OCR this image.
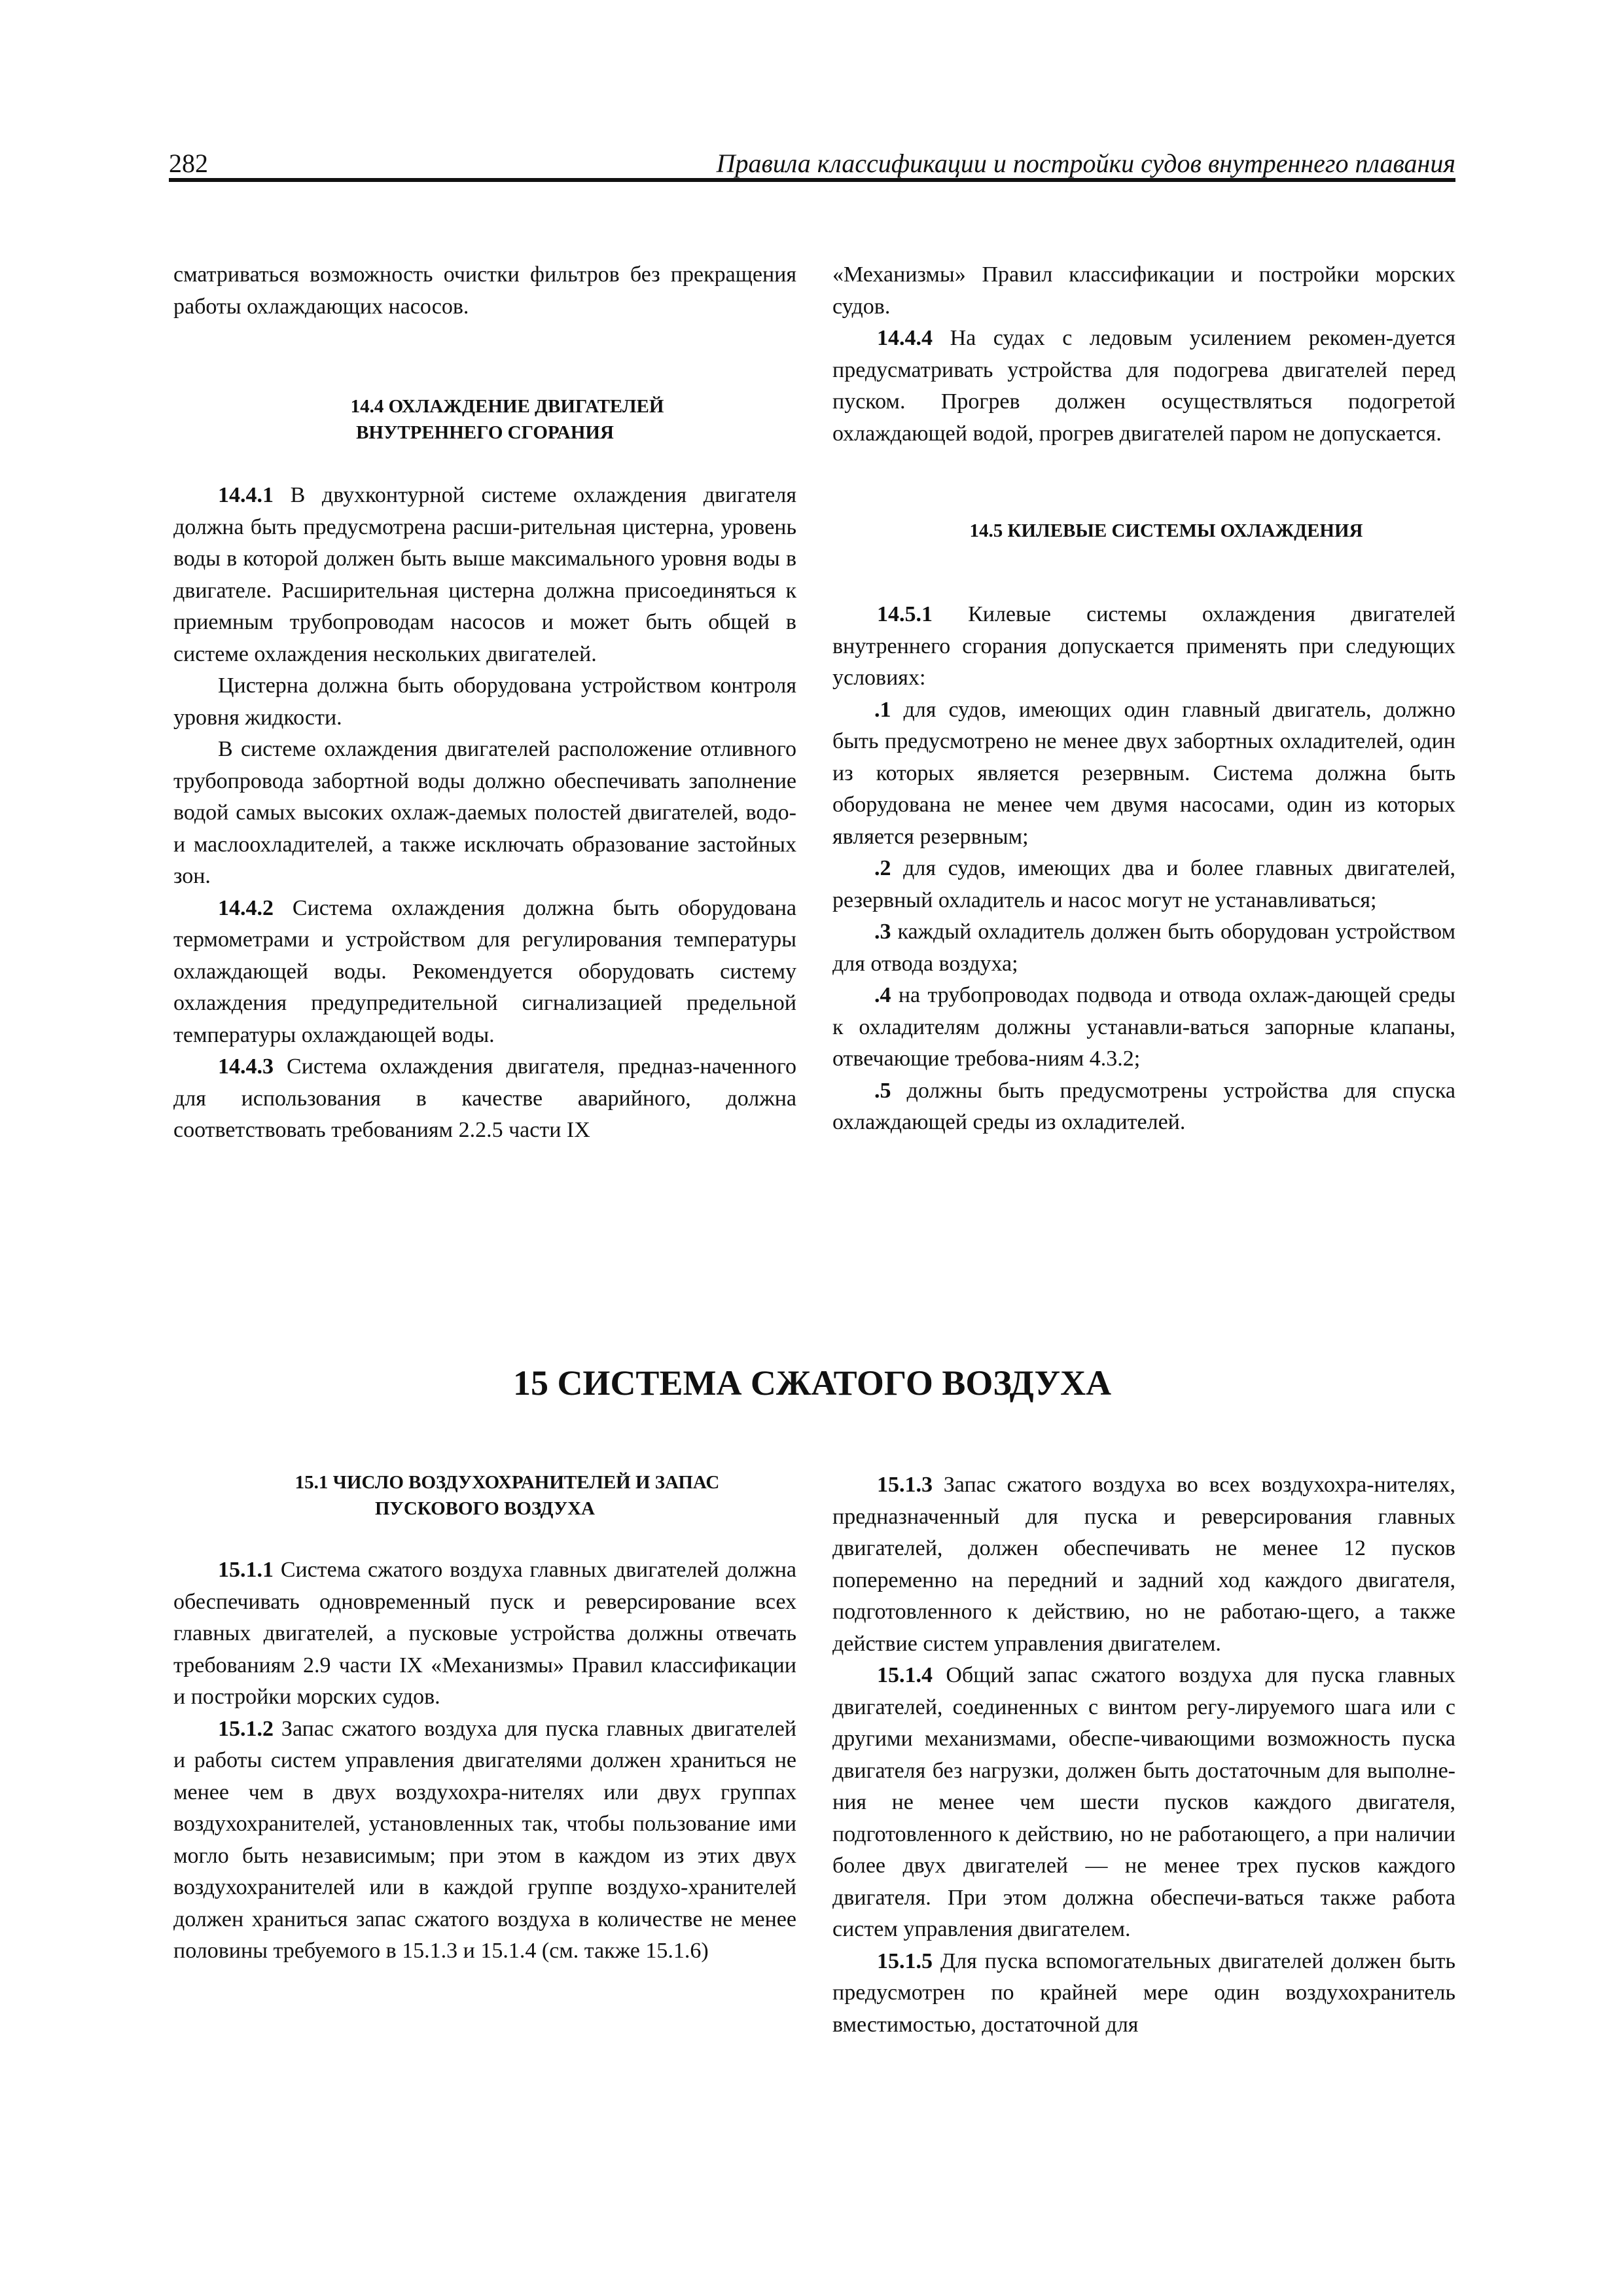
282	Правила классификации и постройки судов внутреннего плавания

сматриваться возможность очистки фильтров без прекращения работы охлаждающих насосов.

14.4 ОХЛАЖДЕНИЕ ДВИГАТЕЛЕЙ
ВНУТРЕННЕГО СГОРАНИЯ

14.4.1 В двухконтурной системе охлаждения двигателя должна быть предусмотрена расши-рительная цистерна, уровень воды в которой должен быть выше максимального уровня воды в двигателе. Расширительная цистерна должна присоединяться к приемным трубопроводам насосов и может быть общей в системе охлаждения нескольких двигателей.

Цистерна должна быть оборудована устройством контроля уровня жидкости.

В системе охлаждения двигателей расположение отливного трубопровода забортной воды должно обеспечивать заполнение водой самых высоких охлаж-даемых полостей двигателей, водо- и маслоохладителей, а также исключать образование застойных зон.

14.4.2 Система охлаждения должна быть оборудована термометрами и устройством для регулирования температуры охлаждающей воды. Рекомендуется оборудовать систему охлаждения предупредительной сигнализацией предельной температуры охлаждающей воды.

14.4.3 Система охлаждения двигателя, предназ-наченного для использования в качестве аварийного, должна соответствовать требованиям 2.2.5 части IX

«Механизмы» Правил классификации и постройки морских судов.

14.4.4 На судах с ледовым усилением рекомен-дуется предусматривать устройства для подогрева двигателей перед пуском. Прогрев должен осуществляться подогретой охлаждающей водой, прогрев двигателей паром не допускается.

14.5 КИЛЕВЫЕ СИСТЕМЫ ОХЛАЖДЕНИЯ

14.5.1 Килевые системы охлаждения двигателей внутреннего сгорания допускается применять при следующих условиях:

.1 для судов, имеющих один главный двигатель, должно быть предусмотрено не менее двух забортных охладителей, один из которых является резервным. Система должна быть оборудована не менее чем двумя насосами, один из которых является резервным;

.2 для судов, имеющих два и более главных двигателей, резервный охладитель и насос могут не устанавливаться;

.3 каждый охладитель должен быть оборудован устройством для отвода воздуха;

.4 на трубопроводах подвода и отвода охлаж-дающей среды к охладителям должны устанавли-ваться запорные клапаны, отвечающие требова-ниям 4.3.2;

.5 должны быть предусмотрены устройства для спуска охлаждающей среды из охладителей.

15 СИСТЕМА СЖАТОГО ВОЗДУХА

15.1 ЧИСЛО ВОЗДУХОХРАНИТЕЛЕЙ И ЗАПАС
ПУСКОВОГО ВОЗДУХА

15.1.1 Система сжатого воздуха главных двигателей должна обеспечивать одновременный пуск и реверсирование всех главных двигателей, а пусковые устройства должны отвечать требованиям 2.9 части IX «Механизмы» Правил классификации и постройки морских судов.

15.1.2 Запас сжатого воздуха для пуска главных двигателей и работы систем управления двигателями должен храниться не менее чем в двух воздухохра-нителях или двух группах воздухохранителей, установленных так, чтобы пользование ими могло быть независимым; при этом в каждом из этих двух воздухохранителей или в каждой группе воздухо-хранителей должен храниться запас сжатого воздуха в количестве не менее половины требуемого в 15.1.3 и 15.1.4 (см. также 15.1.6)

15.1.3 Запас сжатого воздуха во всех воздухохра-нителях, предназначенный для пуска и реверсирования главных двигателей, должен обеспечивать не менее 12 пусков попеременно на передний и задний ход каждого двигателя, подготовленного к действию, но не работаю-щего, а также действие систем управления двигателем.

15.1.4 Общий запас сжатого воздуха для пуска главных двигателей, соединенных с винтом регу-лируемого шага или с другими механизмами, обеспе-чивающими возможность пуска двигателя без нагрузки, должен быть достаточным для выполне-ния не менее чем шести пусков каждого двигателя, подготовленного к действию, но не работающего, а при наличии более двух двигателей — не менее трех пусков каждого двигателя. При этом должна обеспечи-ваться также работа систем управления двигателем.

15.1.5 Для пуска вспомогательных двигателей должен быть предусмотрен по крайней мере один воздухохранитель вместимостью, достаточной для
